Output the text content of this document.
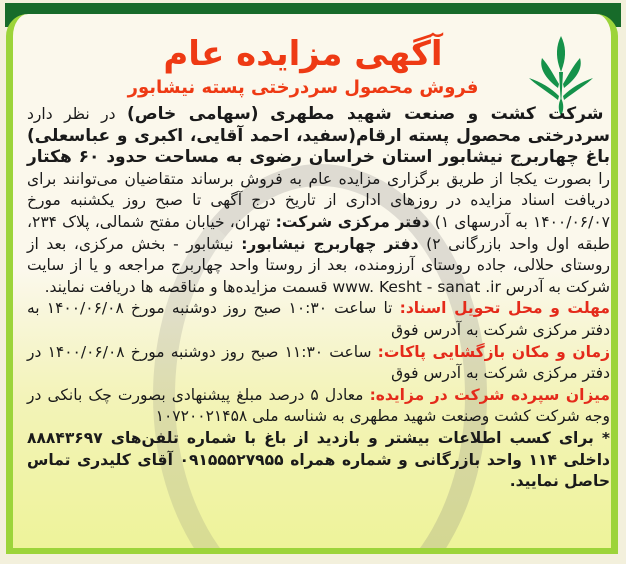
آگهی مزایده عام
فروش محصول سردرختی پسته نیشابور

شرکت کشت و صنعت شهید مطهری (سهامی خاص) در نظر دارد سردرختی محصول پسته ارقام(سفید، احمد آقایی، اکبری و عباسعلی) باغ چهاربرج نیشابور استان خراسان رضوی به مساحت حدود ۶۰ هکتار را بصورت یکجا از طریق برگزاری مزایده عام به فروش برساند متقاضیان می‌توانند برای دریافت اسناد مزایده در روزهای اداری از تاریخ درج آگهی تا صبح روز یکشنبه مورخ ۱۴۰۰/۰۶/۰۷ به آدرسهای ۱) دفتر مرکزی شرکت: تهران، خیابان مفتح شمالی، پلاک ۲۳۴، طبقه اول واحد بازرگانی ۲) دفتر چهاربرج نیشابور: نیشابور - بخش مرکزی، بعد از روستای حلالی، جاده روستای آرزومنده، بعد از روستا واحد چهاربرج مراجعه و یا از سایت شرکت به آدرس www. Kesht - sanat .ir قسمت مزایده‌ها و مناقصه ها دریافت نمایند.

مهلت و محل تحویل اسناد: تا ساعت ۱۰:۳۰ صبح روز دوشنبه مورخ ۱۴۰۰/۰۶/۰۸ به دفتر مرکزی شرکت به آدرس فوق

زمان و مکان بازگشایی پاکات: ساعت ۱۱:۳۰ صبح روز دوشنبه مورخ ۱۴۰۰/۰۶/۰۸ در دفتر مرکزی شرکت به آدرس فوق

میزان سپرده شرکت در مزایده: معادل ۵ درصد مبلغ پیشنهادی بصورت چک بانکی در وجه شرکت کشت وصنعت شهید مطهری به شناسه ملی ۱۰۷۲۰۰۲۱۴۵۸

* برای کسب اطلاعات بیشتر و بازدید از باغ با شماره تلفن‌های ۸۸۸۴۳۶۹۷ داخلی ۱۱۴ واحد بازرگانی و شماره همراه ۰۹۱۵۵۵۲۷۹۵۵ آقای کلیدری تماس حاصل نمایید.
